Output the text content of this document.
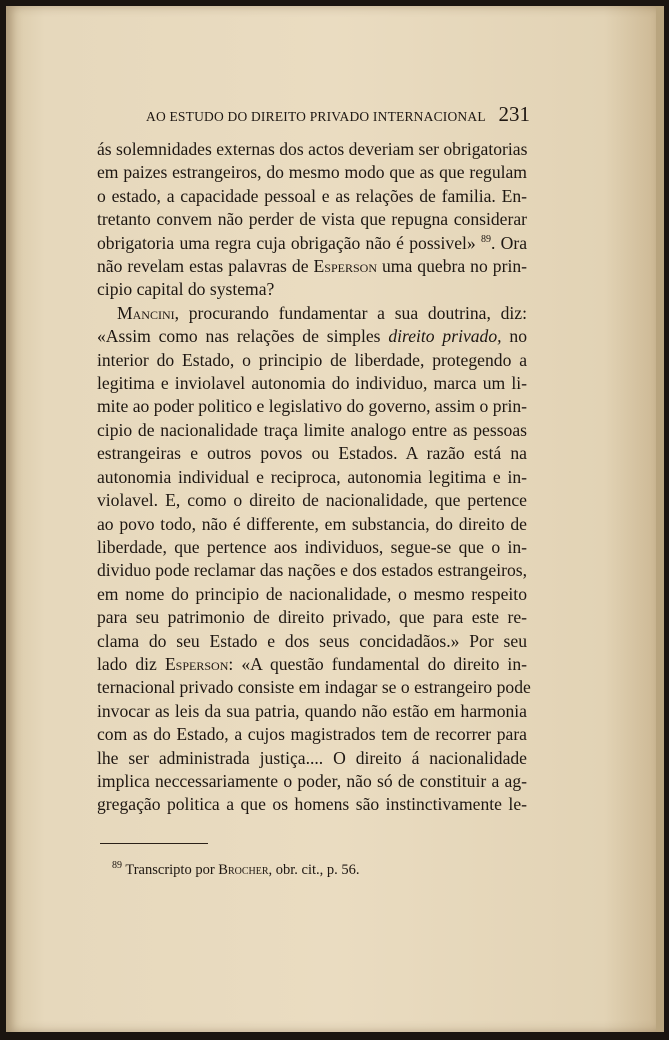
AO ESTUDO DO DIREITO PRIVADO INTERNACIONAL 231
ás solemnidades externas dos actos deveriam ser obrigatorias
em paizes estrangeiros, do mesmo modo que as que regulam
o estado, a capacidade pessoal e as relações de familia. En-
tretanto convem não perder de vista que repugna considerar
obrigatoria uma regra cuja obrigação não é possivel» $^{89}$. Ora
não revelam estas palavras de Esperson uma quebra no prin-
cipio capital do systema?
Mancini, procurando fundamentar a sua doutrina, diz:
«Assim como nas relações de simples direito privado, no
interior do Estado, o principio de liberdade, protegendo a
legitima e inviolavel autonomia do individuo, marca um li-
mite ao poder politico e legislativo do governo, assim o prin-
cipio de nacionalidade traça limite analogo entre as pessoas
estrangeiras e outros povos ou Estados. A razão está na
autonomia individual e reciproca, autonomia legitima e in-
violavel. E, como o direito de nacionalidade, que pertence
ao povo todo, não é differente, em substancia, do direito de
liberdade, que pertence aos individuos, segue-se que o in-
dividuo pode reclamar das nações e dos estados estrangeiros,
em nome do principio de nacionalidade, o mesmo respeito
para seu patrimonio de direito privado, que para este re-
clama do seu Estado e dos seus concidadãos.» Por seu
lado diz Esperson: «A questão fundamental do direito in-
ternacional privado consiste em indagar se o estrangeiro pode
invocar as leis da sua patria, quando não estão em harmonia
com as do Estado, a cujos magistrados tem de recorrer para
lhe ser administrada justiça.... O direito á nacionalidade
implica neccessariamente o poder, não só de constituir a ag-
gregação politica a que os homens são instinctivamente le-
$^{89}$ Transcripto por Brocher, obr. cit., p. 56.
